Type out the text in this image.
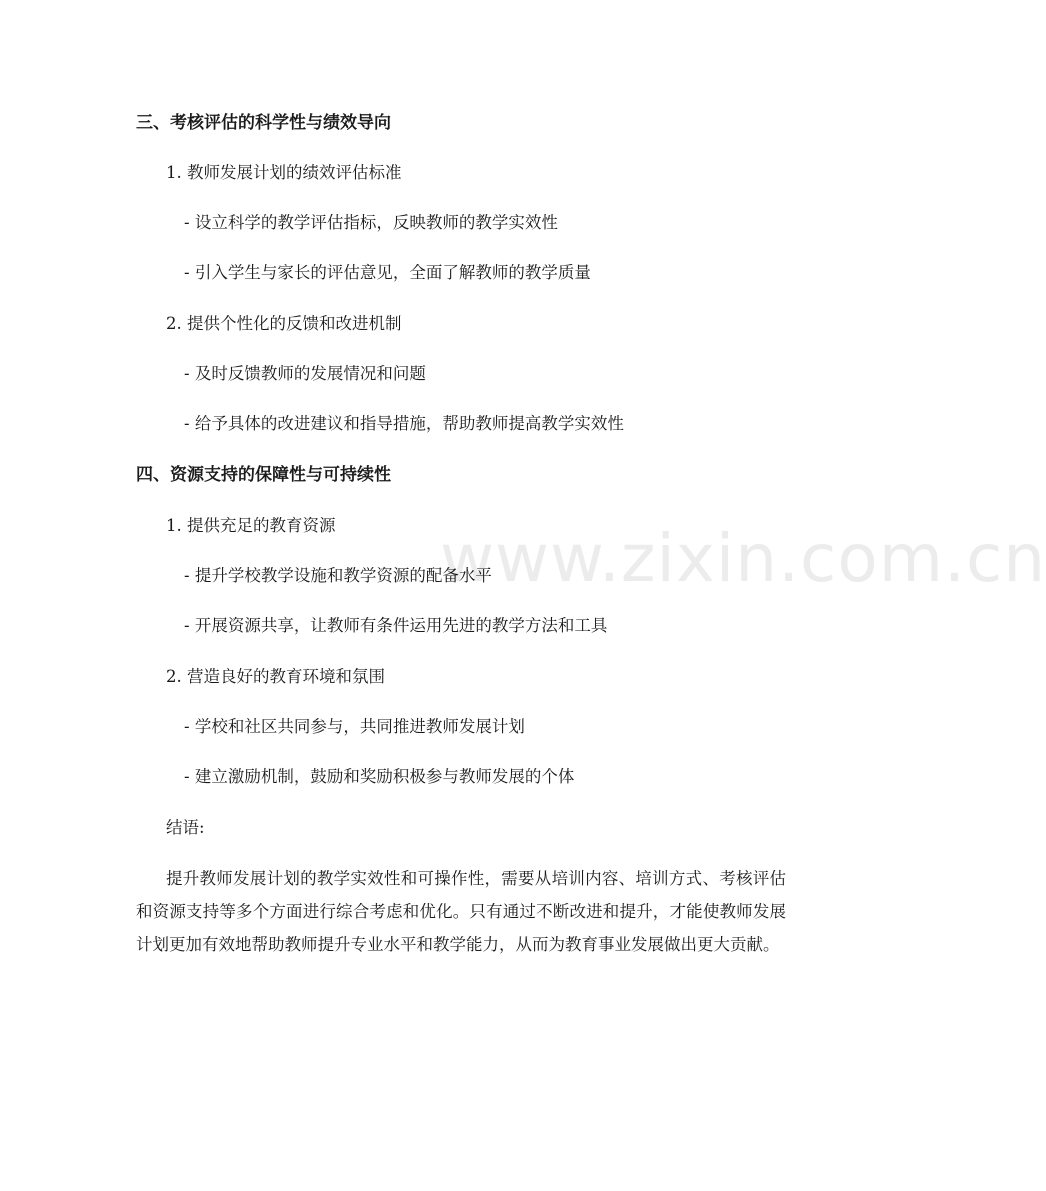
www.zixin.com.cn
三、考核评估的科学性与绩效导向
1. 教师发展计划的绩效评估标准
- 设立科学的教学评估指标，反映教师的教学实效性
- 引入学生与家长的评估意见，全面了解教师的教学质量
2. 提供个性化的反馈和改进机制
- 及时反馈教师的发展情况和问题
- 给予具体的改进建议和指导措施，帮助教师提高教学实效性
四、资源支持的保障性与可持续性
1. 提供充足的教育资源
- 提升学校教学设施和教学资源的配备水平
- 开展资源共享，让教师有条件运用先进的教学方法和工具
2. 营造良好的教育环境和氛围
- 学校和社区共同参与，共同推进教师发展计划
- 建立激励机制，鼓励和奖励积极参与教师发展的个体
结语:
提升教师发展计划的教学实效性和可操作性，需要从培训内容、培训方式、考核评估和资源支持等多个方面进行综合考虑和优化。只有通过不断改进和提升，才能使教师发展计划更加有效地帮助教师提升专业水平和教学能力，从而为教育事业发展做出更大贡献。
